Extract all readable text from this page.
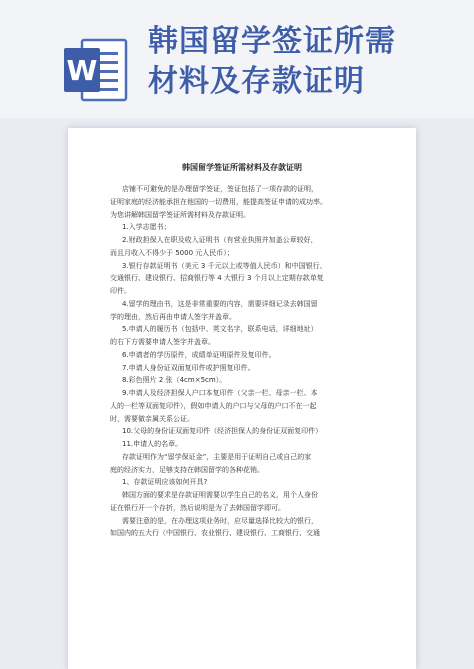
W
韩国留学签证所需
材料及存款证明
韩国留学签证所需材料及存款证明

店铺不可避免的是办理留学签证，签证包括了一项存款的证明，

证明家庭的经济能承担在他国的一切费用，能提高签证申请的成功率。

为您讲解韩国留学签证所需材料及存款证明。

1.入学志愿书；

2.财政担保人在职及收入证明书（有营业执照并加盖公章较好，

而且月收入不得少于 5000 元人民币）；

3.银行存款证明书（美元 3 千元以上或等值人民币）和中国银行、

交通银行、建设银行、招商银行等 4 大银行 3 个月以上定期存款单复

印件。

4.留学的理由书，这是非常重要的内容，需要详细记录去韩国留

学的理由，然后再由申请人签字并盖章。

5.申请人的履历书（包括中、英文名字，联系电话，详细地址）

的右下方需要申请人签字并盖章。

6.申请者的学历原件，成绩单证明原件及复印件。

7.申请人身份证双面复印件或护照复印件。

8.彩色照片 2 张（4cm×5cm）。

9.申请人及经济担保人户口本复印件（父亲一栏、母亲一栏、本

人的一栏等双面复印件），假如申请人的户口与父母的户口不在一起

时，需要做亲属关系公证。

10.父母的身份证双面复印件（经济担保人的身份证双面复印件）

11.申请人的名章。

存款证明作为“留学保证金”，主要是用于证明自己或自己的家

庭的经济实力，足够支持在韩国留学的各种花销。

1、存款证明应该如何开具?

韩国方面的要求是存款证明需要以学生自己的名义，用个人身份

证在银行开一个存折，然后说明是为了去韩国留学即可。

需要注意的是，在办理这项业务时，应尽量选择比较大的银行，

如国内的五大行（中国银行、农业银行、建设银行、工商银行、交通
